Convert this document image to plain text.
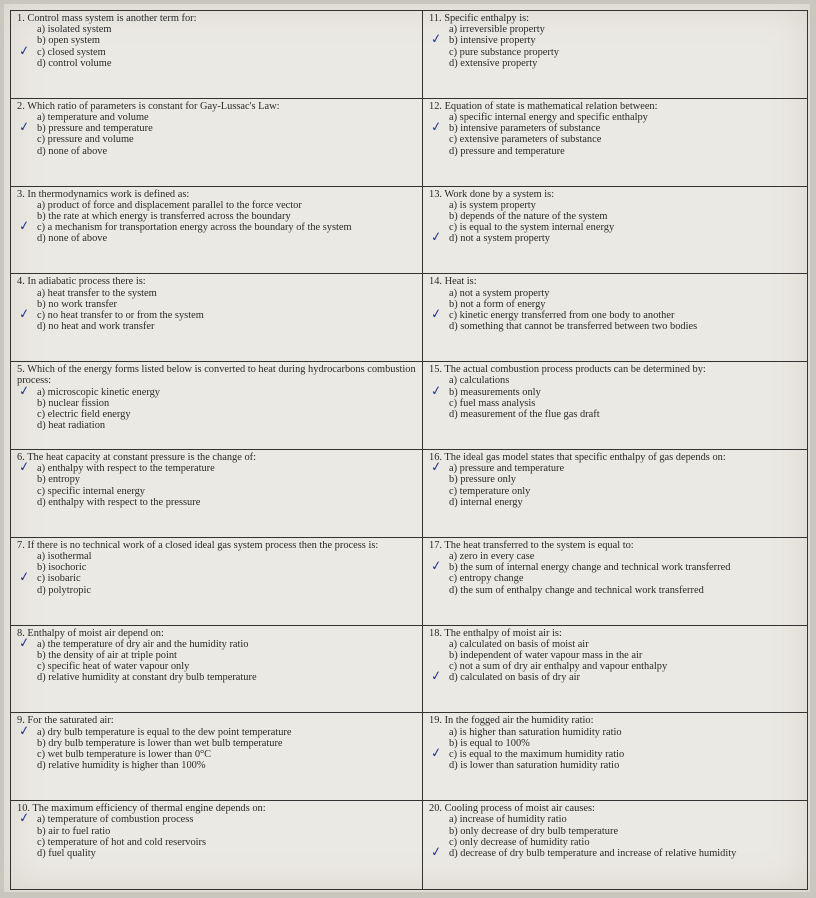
1. Control mass system is another term for:

a) isolated system

b) open system

c) closed system
✓

d) control volume

11. Specific enthalpy is:

a) irreversible property

b) intensive property
✓

c) pure substance property

d) extensive property

2. Which ratio of parameters is constant for Gay-Lussac's Law:

a) temperature and volume

b) pressure and temperature
✓

c) pressure and volume

d) none of above

12. Equation of state is mathematical relation between:

a) specific internal energy and specific enthalpy

b) intensive parameters of substance
✓

c) extensive parameters of substance

d) pressure and temperature

3. In thermodynamics work is defined as:

a) product of force and displacement parallel to the force vector

b) the rate at which energy is transferred across the boundary

c) a mechanism for transportation energy across the boundary of the system
✓

d) none of above

13. Work done by a system is:

a) is system property

b) depends of the nature of the system

c) is equal to the system internal energy

d) not a system property
✓

4. In adiabatic process there is:

a) heat transfer to the system

b) no work transfer

c) no heat transfer to or from the system
✓

d) no heat and work transfer

14. Heat is:

a) not a system property

b) not a form of energy

c) kinetic energy transferred from one body to another
✓

d) something that cannot be transferred between two bodies

5. Which of the energy forms listed below is converted to heat during hydrocarbons combustion process:

a) microscopic kinetic energy
✓

b) nuclear fission

c) electric field energy

d) heat radiation

15. The actual combustion process products can be determined by:

a) calculations

b) measurements only
✓

c) fuel mass analysis

d) measurement of the flue gas draft

6. The heat capacity at constant pressure is the change of:

a) enthalpy with respect to the temperature
✓

b) entropy

c) specific internal energy

d) enthalpy with respect to the pressure

16. The ideal gas model states that specific enthalpy of gas depends on:

a) pressure and temperature
✓

b) pressure only

c) temperature only

d) internal energy

7. If there is no technical work of a closed ideal gas system process then the process is:

a) isothermal

b) isochoric

c) isobaric
✓

d) polytropic

17. The heat transferred to the system is equal to:

a) zero in every case

b) the sum of internal energy change and technical work transferred
✓

c) entropy change

d) the sum of enthalpy change and technical work transferred

8. Enthalpy of moist air depend on:

a) the temperature of dry air and the humidity ratio
✓

b) the density of air at triple point

c) specific heat of water vapour only

d) relative humidity at constant dry bulb temperature

18. The enthalpy of moist air is:

a) calculated on basis of moist air

b) independent of water vapour mass in the air

c) not a sum of dry air enthalpy and vapour enthalpy

d) calculated on basis of dry air
✓

9. For the saturated air:

a) dry bulb temperature is equal to the dew point temperature
✓

b) dry bulb temperature is lower than wet bulb temperature

c) wet bulb temperature is lower than 0°C

d) relative humidity is higher than 100%

19. In the fogged air the humidity ratio:

a) is higher than saturation humidity ratio

b) is equal to 100%

c) is equal to the maximum humidity ratio
✓

d) is lower than saturation humidity ratio

10. The maximum efficiency of thermal engine depends on:

a) temperature of combustion process
✓

b) air to fuel ratio

c) temperature of hot and cold reservoirs

d) fuel quality

20. Cooling process of moist air causes:

a) increase of humidity ratio

b) only decrease of dry bulb temperature

c) only decrease of humidity ratio

d) decrease of dry bulb temperature and increase of relative humidity
✓
